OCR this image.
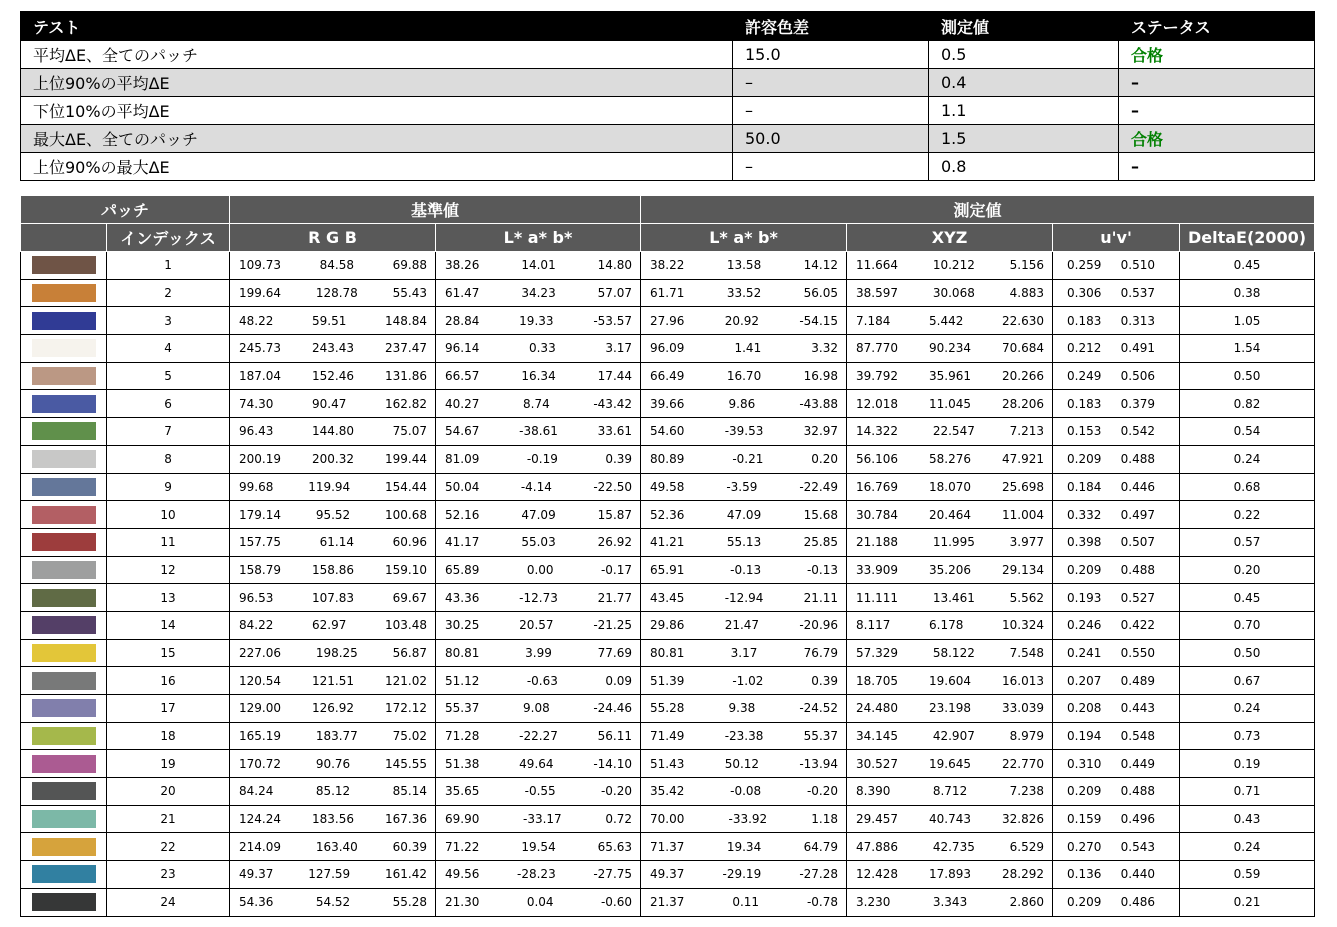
テスト	許容色差	測定値	ステータス
平均ΔE、全てのパッチ	15.0	0.5	合格
上位90%の平均ΔE	–	0.4	–
下位10%の平均ΔE	–	1.1	–
最大ΔE、全てのパッチ	50.0	1.5	合格
上位90%の最大ΔE	–	0.8	–
パッチ		基準値		測定値			
	インデックス	R G B	L* a* b*	L* a* b*	XYZ	u'v'	DeltaE(2000)
	1	109.73 84.58 69.88	38.26 14.01 14.80	38.22 13.58 14.12	11.664 10.212 5.156	0.259 0.510	0.45
	2	199.64 128.78 55.43	61.47 34.23 57.07	61.71 33.52 56.05	38.597 30.068 4.883	0.306 0.537	0.38
	3	48.22 59.51 148.84	28.84 19.33 -53.57	27.96 20.92 -54.15	7.184 5.442 22.630	0.183 0.313	1.05
	4	245.73 243.43 237.47	96.14 0.33 3.17	96.09 1.41 3.32	87.770 90.234 70.684	0.212 0.491	1.54
	5	187.04 152.46 131.86	66.57 16.34 17.44	66.49 16.70 16.98	39.792 35.961 20.266	0.249 0.506	0.50
	6	74.30 90.47 162.82	40.27 8.74 -43.42	39.66 9.86 -43.88	12.018 11.045 28.206	0.183 0.379	0.82
	7	96.43 144.80 75.07	54.67 -38.61 33.61	54.60 -39.53 32.97	14.322 22.547 7.213	0.153 0.542	0.54
	8	200.19 200.32 199.44	81.09 -0.19 0.39	80.89 -0.21 0.20	56.106 58.276 47.921	0.209 0.488	0.24
	9	99.68 119.94 154.44	50.04 -4.14 -22.50	49.58 -3.59 -22.49	16.769 18.070 25.698	0.184 0.446	0.68
	10	179.14 95.52 100.68	52.16 47.09 15.87	52.36 47.09 15.68	30.784 20.464 11.004	0.332 0.497	0.22
	11	157.75 61.14 60.96	41.17 55.03 26.92	41.21 55.13 25.85	21.188 11.995 3.977	0.398 0.507	0.57
	12	158.79 158.86 159.10	65.89 0.00 -0.17	65.91 -0.13 -0.13	33.909 35.206 29.134	0.209 0.488	0.20
	13	96.53 107.83 69.67	43.36 -12.73 21.77	43.45 -12.94 21.11	11.111 13.461 5.562	0.193 0.527	0.45
	14	84.22 62.97 103.48	30.25 20.57 -21.25	29.86 21.47 -20.96	8.117 6.178 10.324	0.246 0.422	0.70
	15	227.06 198.25 56.87	80.81 3.99 77.69	80.81 3.17 76.79	57.329 58.122 7.548	0.241 0.550	0.50
	16	120.54 121.51 121.02	51.12 -0.63 0.09	51.39 -1.02 0.39	18.705 19.604 16.013	0.207 0.489	0.67
	17	129.00 126.92 172.12	55.37 9.08 -24.46	55.28 9.38 -24.52	24.480 23.198 33.039	0.208 0.443	0.24
	18	165.19 183.77 75.02	71.28 -22.27 56.11	71.49 -23.38 55.37	34.145 42.907 8.979	0.194 0.548	0.73
	19	170.72 90.76 145.55	51.38 49.64 -14.10	51.43 50.12 -13.94	30.527 19.645 22.770	0.310 0.449	0.19
	20	84.24 85.12 85.14	35.65 -0.55 -0.20	35.42 -0.08 -0.20	8.390 8.712 7.238	0.209 0.488	0.71
	21	124.24 183.56 167.36	69.90 -33.17 0.72	70.00 -33.92 1.18	29.457 40.743 32.826	0.159 0.496	0.43
	22	214.09 163.40 60.39	71.22 19.54 65.63	71.37 19.34 64.79	47.886 42.735 6.529	0.270 0.543	0.24
	23	49.37 127.59 161.42	49.56 -28.23 -27.75	49.37 -29.19 -27.28	12.428 17.893 28.292	0.136 0.440	0.59
	24	54.36 54.52 55.28	21.30 0.04 -0.60	21.37 0.11 -0.78	3.230 3.343 2.860	0.209 0.486	0.21
